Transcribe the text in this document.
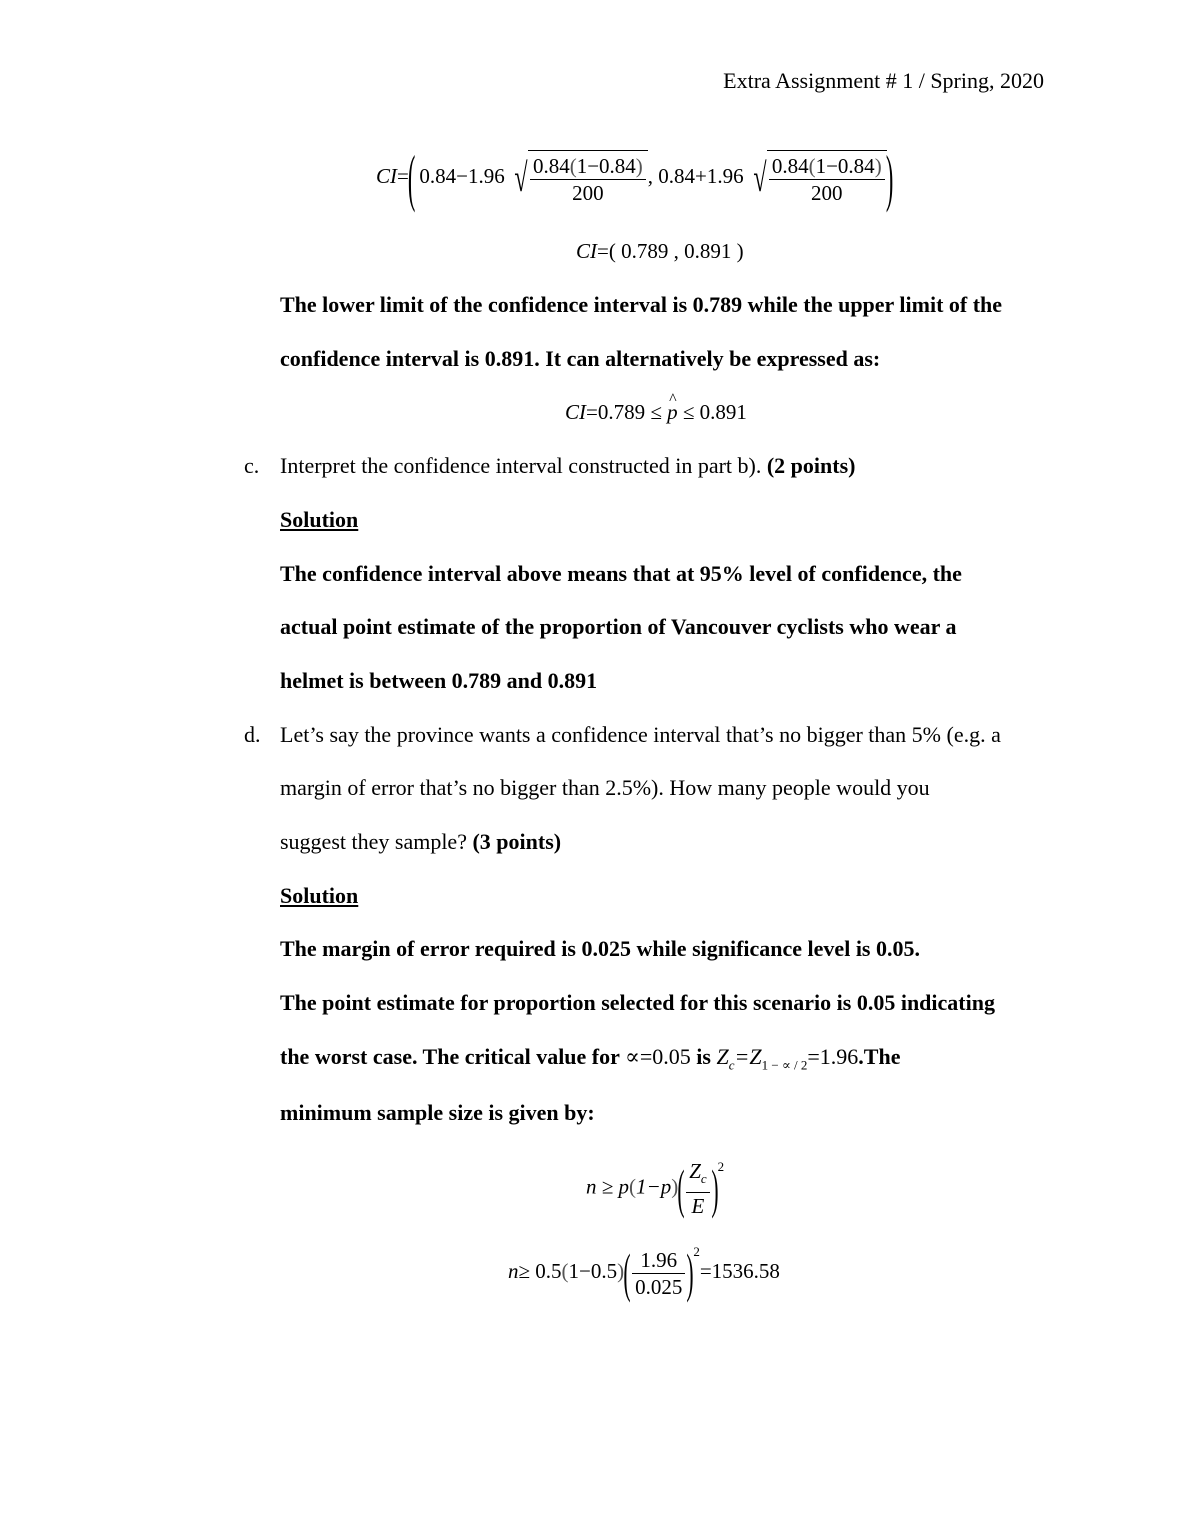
Extra Assignment # 1 / Spring, 2020
CI=( 0.84−1.96 √ $\frac{0.84(1-0.84)}{200}$ , 0.84+1.96 √ $\frac{0.84(1-0.84)}{200}$ )
CI=( 0.789 , 0.891 )
The lower limit of the confidence interval is 0.789 while the upper limit of the
confidence interval is 0.891. It can alternatively be expressed as:
CI=0.789 ≤ ^ p ≤ 0.891
c. Interpret the confidence interval constructed in part b). (2 points)
Solution
The confidence interval above means that at 95% level of confidence, the
actual point estimate of the proportion of Vancouver cyclists who wear a
helmet is between 0.789 and 0.891
d. Let’s say the province wants a confidence interval that’s no bigger than 5% (e.g. a
margin of error that’s no bigger than 2.5%). How many people would you
suggest they sample? (3 points)
Solution
The margin of error required is 0.025 while significance level is 0.05.
The point estimate for proportion selected for this scenario is 0.05 indicating
the worst case. The critical value for ∝=0.05 is $Z_c=Z_{1 - \propto / 2}=1.96.The$
minimum sample size is given by:
$n \ge p(1-p)( \frac{Z_c}{E} )^2$
$n\ge 0.5(1-0.5)( \frac{1.96}{0.025} )^2=1536.58$
